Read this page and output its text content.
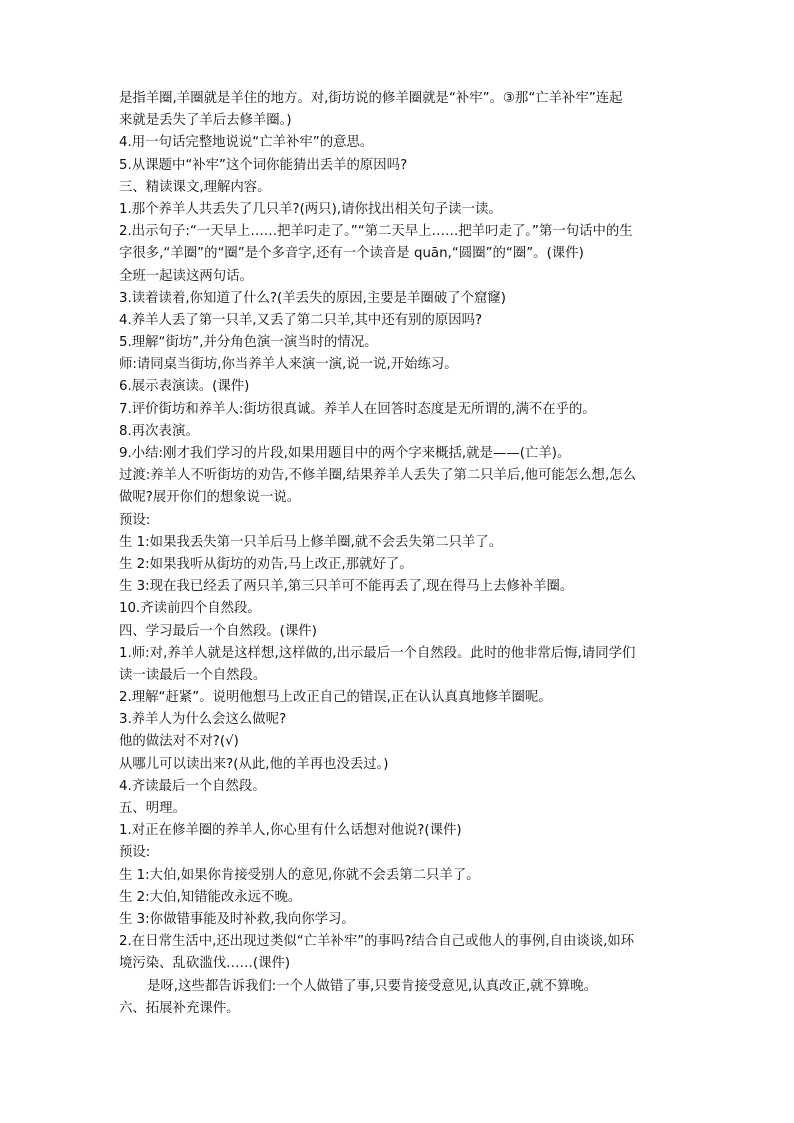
是指羊圈,羊圈就是羊住的地方。对,街坊说的修羊圈就是“补牢”。③那“亡羊补牢”连起
来就是丢失了羊后去修羊圈。)
4.用一句话完整地说说“亡羊补牢”的意思。
5.从课题中“补牢”这个词你能猜出丢羊的原因吗?
三、精读课文,理解内容。
1.那个养羊人共丢失了几只羊?(两只),请你找出相关句子读一读。
2.出示句子:“一天早上……把羊叼走了。”“第二天早上……把羊叼走了。”第一句话中的生
字很多,“羊圈”的“圈”是个多音字,还有一个读音是 quān,“圆圈”的“圈”。(课件)
全班一起读这两句话。
3.读着读着,你知道了什么?(羊丢失的原因,主要是羊圈破了个窟窿)
4.养羊人丢了第一只羊,又丢了第二只羊,其中还有别的原因吗?
5.理解“街坊”,并分角色演一演当时的情况。
师:请同桌当街坊,你当养羊人来演一演,说一说,开始练习。
6.展示表演读。(课件)
7.评价街坊和养羊人:街坊很真诚。养羊人在回答时态度是无所谓的,满不在乎的。
8.再次表演。
9.小结:刚才我们学习的片段,如果用题目中的两个字来概括,就是——(亡羊)。
过渡:养羊人不听街坊的劝告,不修羊圈,结果养羊人丢失了第二只羊后,他可能怎么想,怎么
做呢?展开你们的想象说一说。
预设:
生 1:如果我丢失第一只羊后马上修羊圈,就不会丢失第二只羊了。
生 2:如果我听从街坊的劝告,马上改正,那就好了。
生 3:现在我已经丢了两只羊,第三只羊可不能再丢了,现在得马上去修补羊圈。
10.齐读前四个自然段。
四、学习最后一个自然段。(课件)
1.师:对,养羊人就是这样想,这样做的,出示最后一个自然段。此时的他非常后悔,请同学们
读一读最后一个自然段。
2.理解“赶紧”。说明他想马上改正自己的错误,正在认认真真地修羊圈呢。
3.养羊人为什么会这么做呢?
他的做法对不对?(√)
从哪儿可以读出来?(从此,他的羊再也没丢过。)
4.齐读最后一个自然段。
五、明理。
1.对正在修羊圈的养羊人,你心里有什么话想对他说?(课件)
预设:
生 1:大伯,如果你肯接受别人的意见,你就不会丢第二只羊了。
生 2:大伯,知错能改永远不晚。
生 3:你做错事能及时补救,我向你学习。
2.在日常生活中,还出现过类似“亡羊补牢”的事吗?结合自己或他人的事例,自由谈谈,如环
境污染、乱砍滥伐……(课件)
是呀,这些都告诉我们:一个人做错了事,只要肯接受意见,认真改正,就不算晚。
六、拓展补充课件。
